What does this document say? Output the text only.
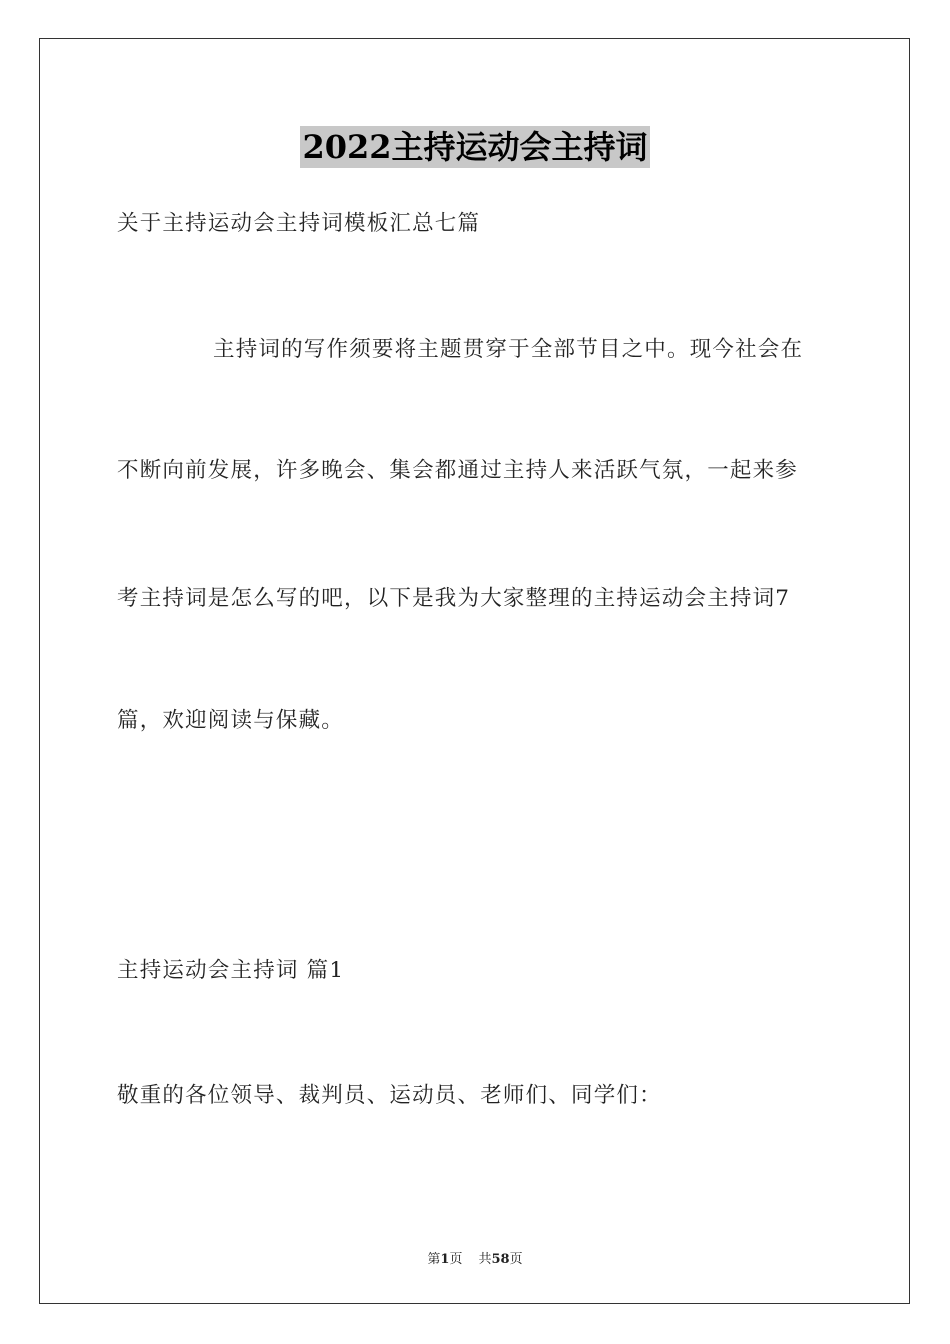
2022主持运动会主持词
关于主持运动会主持词模板汇总七篇
主持词的写作须要将主题贯穿于全部节目之中。现今社会在
不断向前发展，许多晚会、集会都通过主持人来活跃气氛，一起来参
考主持词是怎么写的吧，以下是我为大家整理的主持运动会主持词7
篇，欢迎阅读与保藏。
主持运动会主持词 篇1
敬重的各位领导、裁判员、运动员、老师们、同学们：
第1页 共58页
